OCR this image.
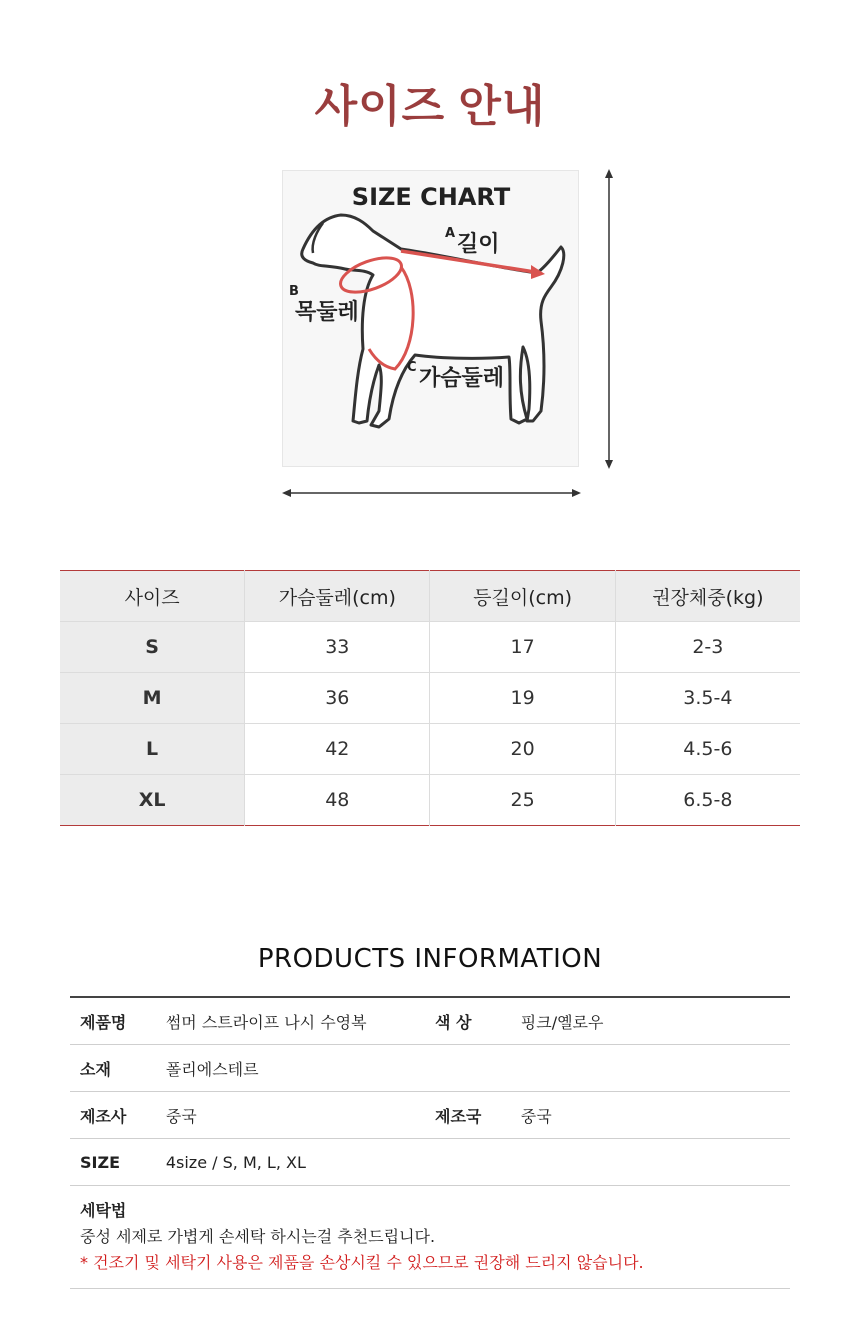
사이즈 안내
SIZE CHART
A 길이
B
목둘레
C 가슴둘레
사이즈	가슴둘레(cm)	등길이(cm)	권장체중(kg)
S	33	17	2-3
M	36	19	3.5-4
L	42	20	4.5-6
XL	48	25	6.5-8
PRODUCTS INFORMATION
제품명	썸머 스트라이프 나시 수영복	색 상	핑크/옐로우
소재	폴리에스테르		
제조사	중국	제조국	중국
SIZE	4size / S, M, L, XL		

세탁법
중성 세제로 가볍게 손세탁 하시는걸 추천드립니다.
* 건조기 및 세탁기 사용은 제품을 손상시킬 수 있으므로 권장해 드리지 않습니다.			
